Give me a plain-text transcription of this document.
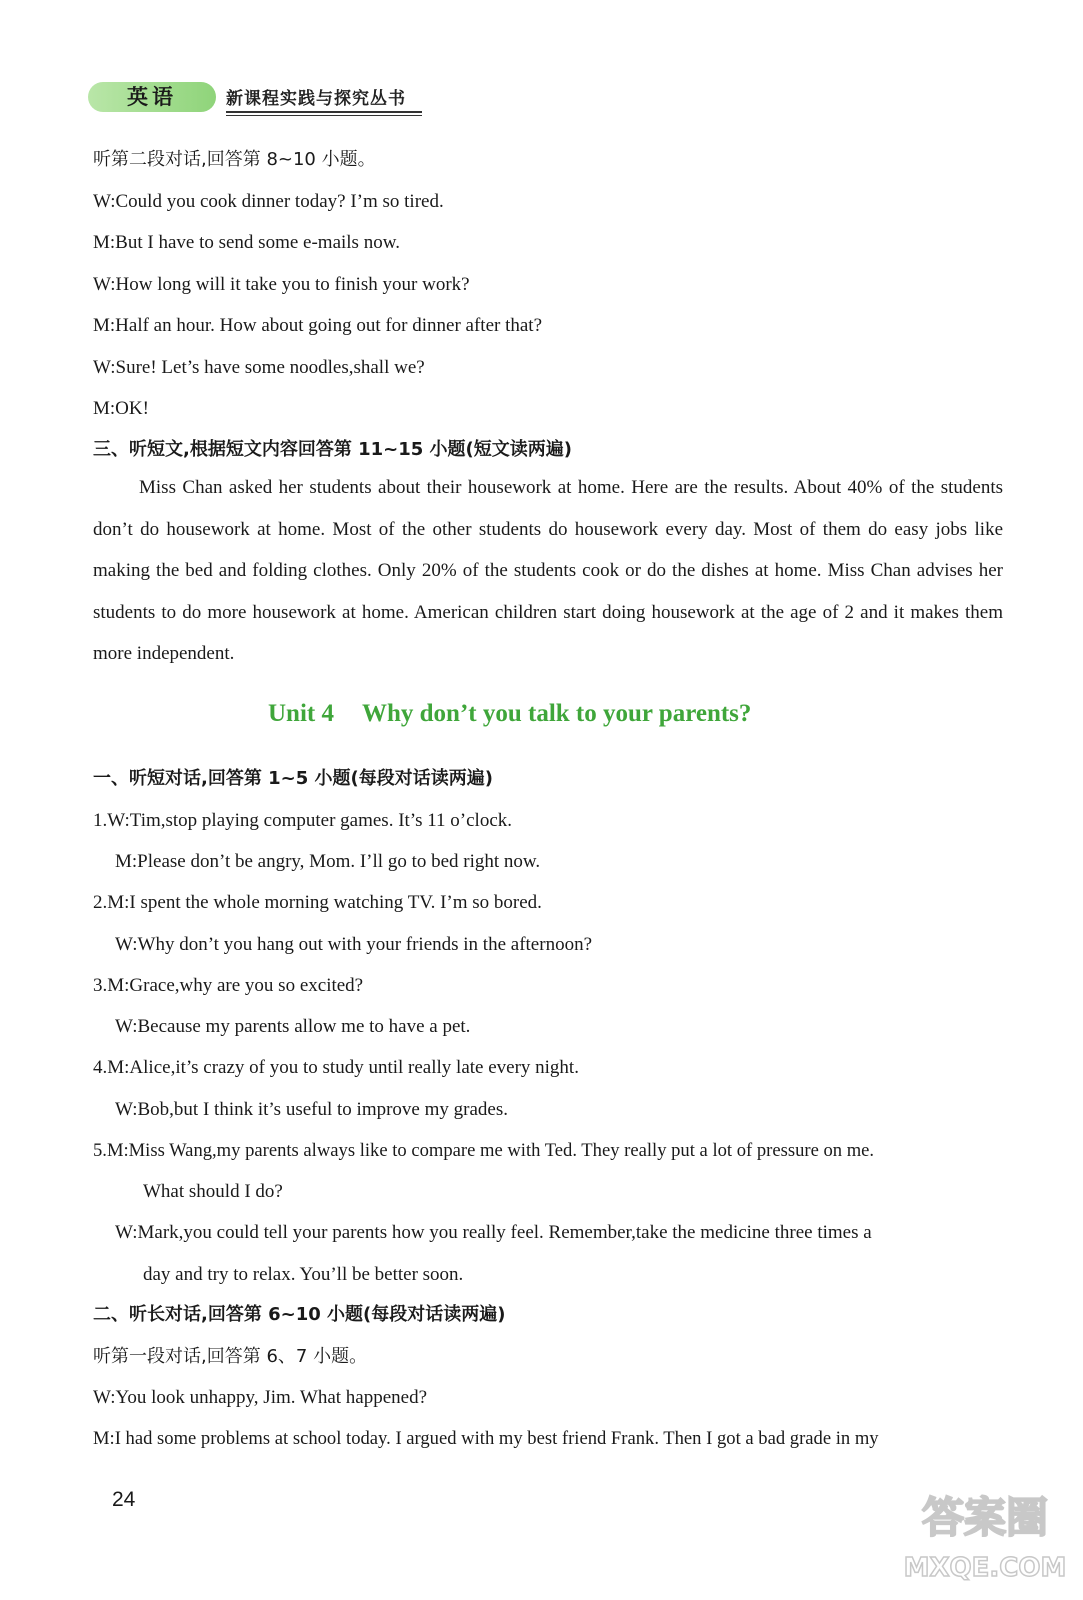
英语	新课程实践与探究丛书
听第二段对话,回答第 8~10 小题。
W:Could you cook dinner today? I’m so tired.
M:But I have to send some e-mails now.
W:How long will it take you to finish your work?
M:Half an hour. How about going out for dinner after that?
W:Sure! Let’s have some noodles,shall we?
M:OK!
三、听短文,根据短文内容回答第 11~15 小题(短文读两遍)

Miss Chan asked her students about their housework at home. Here are the results. About 40% of the students don’t do housework at home. Most of the other students do housework every day. Most of them do easy jobs like making the bed and folding clothes. Only 20% of the students cook or do the dishes at home. Miss Chan advises her students to do more housework at home. American children start doing housework at the age of 2 and it makes them more independent.

Unit 4 Why don’t you talk to your parents?
一、听短对话,回答第 1~5 小题(每段对话读两遍)
1.W:Tim,stop playing computer games. It’s 11 o’clock.
M:Please don’t be angry, Mom. I’ll go to bed right now.
2.M:I spent the whole morning watching TV. I’m so bored.
W:Why don’t you hang out with your friends in the afternoon?
3.M:Grace,why are you so excited?
W:Because my parents allow me to have a pet.
4.M:Alice,it’s crazy of you to study until really late every night.
W:Bob,but I think it’s useful to improve my grades.
5.M:Miss Wang,my parents always like to compare me with Ted. They really put a lot of pressure on me.
What should I do?
W:Mark,you could tell your parents how you really feel. Remember,take the medicine three times a
day and try to relax. You’ll be better soon.
二、听长对话,回答第 6~10 小题(每段对话读两遍)
听第一段对话,回答第 6、7 小题。
W:You look unhappy, Jim. What happened?
M:I had some problems at school today. I argued with my best friend Frank. Then I got a bad grade in my
24	答案圈
MXQE.COM
